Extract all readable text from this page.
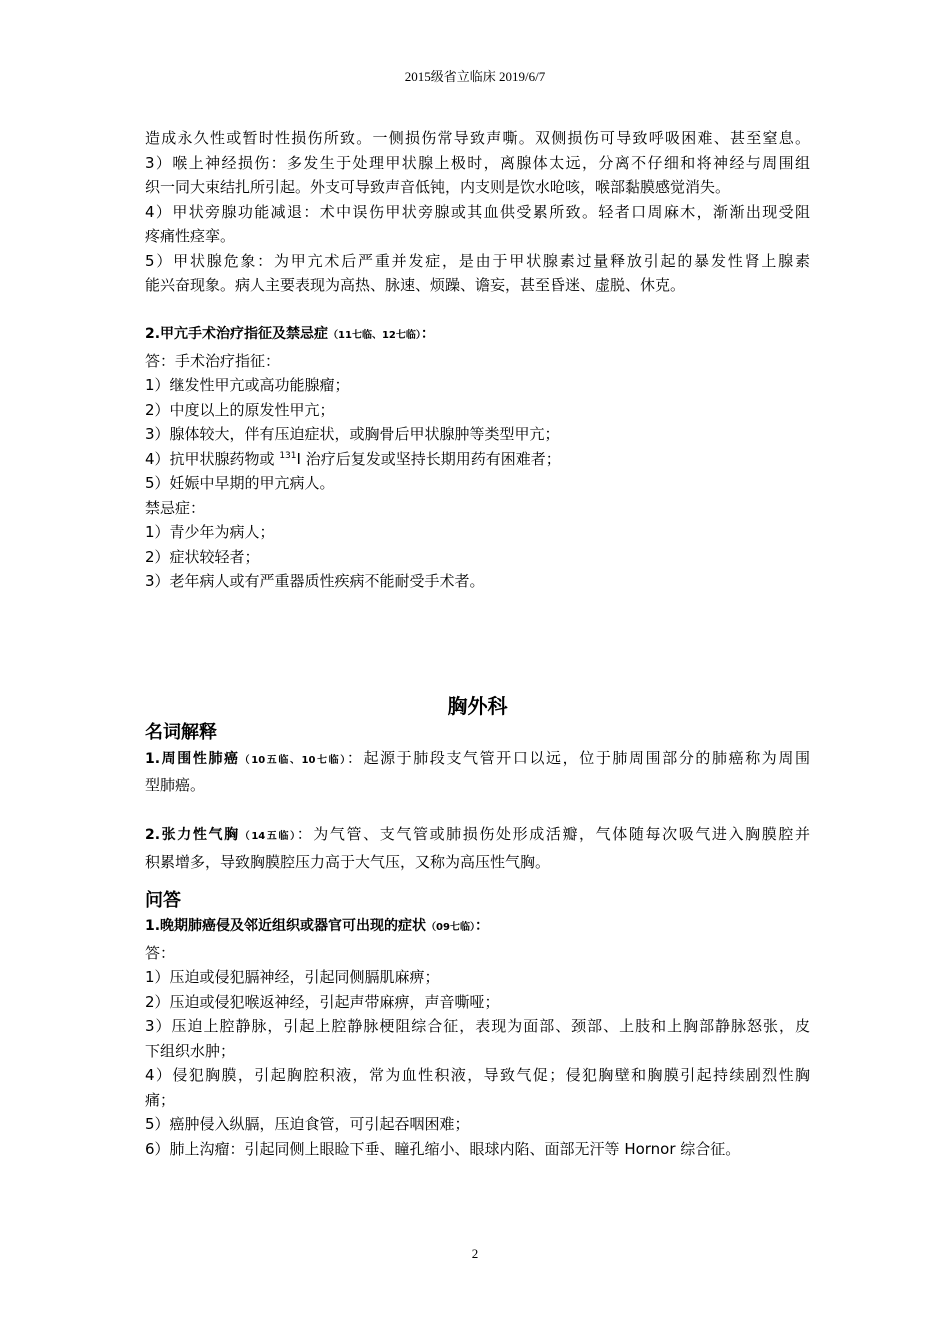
2015级省立临床 2019/6/7
造成永久性或暂时性损伤所致。一侧损伤常导致声嘶。双侧损伤可导致呼吸困难、甚至窒息。
3）喉上神经损伤：多发生于处理甲状腺上极时，离腺体太远，分离不仔细和将神经与周围组
织一同大束结扎所引起。外支可导致声音低钝，内支则是饮水呛咳，喉部黏膜感觉消失。
4）甲状旁腺功能减退：术中误伤甲状旁腺或其血供受累所致。轻者口周麻木，渐渐出现受阻
疼痛性痉挛。
5）甲状腺危象：为甲亢术后严重并发症，是由于甲状腺素过量释放引起的暴发性肾上腺素
能兴奋现象。病人主要表现为高热、脉速、烦躁、谵妄，甚至昏迷、虚脱、休克。
2.甲亢手术治疗指征及禁忌症（11七临、12七临）：
答：手术治疗指征：
1）继发性甲亢或高功能腺瘤；
2）中度以上的原发性甲亢；
3）腺体较大，伴有压迫症状，或胸骨后甲状腺肿等类型甲亢；
4）抗甲状腺药物或 $^{131}$I 治疗后复发或坚持长期用药有困难者；
5）妊娠中早期的甲亢病人。
禁忌症：
1）青少年为病人；
2）症状较轻者；
3）老年病人或有严重器质性疾病不能耐受手术者。
胸外科
名词解释
1.周围性肺癌（10五临、10七临）：起源于肺段支气管开口以远，位于肺周围部分的肺癌称为周围
型肺癌。
2.张力性气胸（14五临）：为气管、支气管或肺损伤处形成活瓣，气体随每次吸气进入胸膜腔并
积累增多，导致胸膜腔压力高于大气压，又称为高压性气胸。
问答
1.晚期肺癌侵及邻近组织或器官可出现的症状（09七临）：
答：
1）压迫或侵犯膈神经，引起同侧膈肌麻痹；
2）压迫或侵犯喉返神经，引起声带麻痹，声音嘶哑；
3）压迫上腔静脉，引起上腔静脉梗阻综合征，表现为面部、颈部、上肢和上胸部静脉怒张，皮
下组织水肿；
4）侵犯胸膜，引起胸腔积液，常为血性积液，导致气促；侵犯胸壁和胸膜引起持续剧烈性胸
痛；
5）癌肿侵入纵膈，压迫食管，可引起吞咽困难；
6）肺上沟瘤：引起同侧上眼睑下垂、瞳孔缩小、眼球内陷、面部无汗等 Hornor 综合征。
2
